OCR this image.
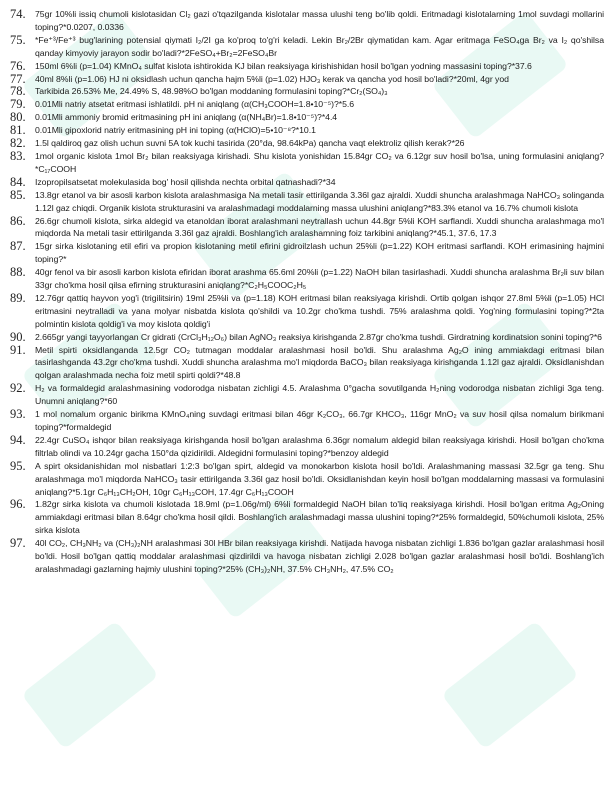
74.	75gr 10%li issiq chumoli kislotasidan Cl₂ gazi o'tqazilganda kislotalar massa ulushi teng bo'lib qoldi. Eritmadagi kislotalarning 1mol suvdagi mollarini toping?*0.0207, 0.0336
75.	*Fe⁺³/Fe⁺³ bug'larining potensial qiymati I₂/2I ga ko'proq to'g'ri keladi. Lekin Br₂/2Br qiymatidan kam. Agar eritmaga FeSO₄ga Br₂ va I₂ qo'shilsa qanday kimyoviy jarayon sodir bo'ladi?*2FeSO₄+Br₂=2FeSO₄Br
76.	150ml 6%li (p=1.04) KMnO₄ sulfat kislota ishtirokida KJ bilan reaksiyaga kirishishidan hosil bo'lgan yodning massasini toping?*37.6
77.	40ml 8%li (p=1.06) HJ ni oksidlash uchun qancha hajm 5%li (p=1.02) HJO₃ kerak va qancha yod hosil bo'ladi?*20ml, 4gr yod
78.	Tarkibida 26.53% Me, 24.49% S, 48.98%O bo'lgan moddaning formulasini toping?*Cr₂(SO₄)₃
79.	0.01Mli natriy atsetat eritmasi ishlatildi. pH ni aniqlang (α(CH₃COOH=1.8•10⁻⁵)?*5.6
80.	0.01Mli ammoniy bromid eritmasining pH ini aniqlang (α(NH₄Br)=1.8•10⁻⁵)?*4.4
81.	0.01Mli gipoxlorid natriy eritmasining pH ini toping (α(HClO)=5•10⁻⁸?*10.1
82.	1.5l qaldiroq gaz olish uchun suvni 5A tok kuchi tasirida (20°da, 98.64kPa) qancha vaqt elektroliz qilish kerak?*26
83.	1mol organic kislota 1mol Br₂ bilan reaksiyaga kirishadi. Shu kislota yonishidan 15.84gr CO₂ va 6.12gr suv hosil bo'lsa, uning formulasini aniqlang?*C₁₇COOH
84.	Izopropilsatsetat molekulasida bog' hosil qilishda nechta orbital qatnashadi?*34
85.	13.8gr etanol va bir asosli karbon kislota aralashmasiga Na metali tasir ettirilganda 3.36l gaz ajraldi. Xuddi shuncha aralashmaga NaHCO₃ solinganda 1.12l gaz chiqdi. Organik kislota strukturasini va aralashmadagi moddalarning massa ulushini aniqlang?*83.3% etanol va 16.7% chumoli kislota
86.	26.6gr chumoli kislota, sirka aldegid va etanoldan iborat aralashmani neytrallash uchun 44.8gr 5%li KOH sarflandi. Xuddi shuncha aralashmaga mo'l miqdorda Na metali tasir ettirilganda 3.36l gaz ajraldi. Boshlang'ich aralashamning foiz tarkibini aniqlang?*45.1, 37.6, 17.3
87.	15gr sirka kislotaning etil efiri va propion kislotaning metil efirini gidroilzlash uchun 25%li (p=1.22) KOH eritmasi sarflandi. KOH erimasining hajmini toping?*
88.	40gr fenol va bir asosli karbon kislota efiridan iborat arashma 65.6ml 20%li (p=1.22) NaOH bilan tasirlashadi. Xuddi shuncha aralashma Br₂li suv bilan 33gr cho'kma hosil qilsa efirning strukturasini aniqlang?*C₂H₅COOC₂H₅
89.	12.76gr qattiq hayvon yog'i (trigilitsirin) 19ml 25%li va (p=1.18) KOH eritmasi bilan reaksiyaga kirishdi. Ortib qolgan ishqor 27.8ml 5%li (p=1.05) HCl eritmasini neytralladi va yana molyar nisbatda kislota qo'shildi va 10.2gr cho'kma tushdi. 75% aralashma qoldi. Yog'ning formulasini toping?*2ta polmintin kislota qoldig'i va moy kislota qoldig'i
90.	2.665gr yangi tayyorlangan Cr gidrati (CrCl₃H₁₂O₆) bilan AgNO₃ reaksiya kirishganda 2.87gr cho'kma tushdi. Girdratning kordinatsion sonini toping?*6
91.	Metil spirti oksidlanganda 12.5gr CO₂ tutmagan moddalar aralashmasi hosil bo'ldi. Shu aralashma Ag₂O ining ammiakdagi eritmasi bilan tasirlashganda 43.2gr cho'kma tushdi. Xuddi shuncha aralashma mo'l miqdorda BaCO₃ bilan reaksiyaga kirishganda 1.12l gaz ajraldi. Oksidlanishdan qolgan aralashmada necha foiz metil spirti qoldi?*48.8
92.	H₂ va formaldegid aralashmasining vodorodga nisbatan zichligi 4.5. Aralashma 0°gacha sovutilganda H₂ning vodorodga nisbatan zichligi 3ga teng. Unumni aniqlang?*60
93.	1 mol nomalum organic birikma KMnO₄ning suvdagi eritmasi bilan 46gr K₂CO₃, 66.7gr KHCO₃, 116gr MnO₂ va suv hosil qilsa nomalum birikmani toping?*formaldegid
94.	22.4gr CuSO₄ ishqor bilan reaksiyaga kirishganda hosil bo'lgan aralashma 6.36gr nomalum aldegid bilan reaksiyaga kirishdi. Hosil bo'lgan cho'kma filtrlab olindi va 10.24gr gacha 150°da qizidirildi. Aldegidni formulasini toping?*benzoy aldegid
95.	A spirt oksidanishidan mol nisbatlari 1:2:3 bo'lgan spirt, aldegid va monokarbon kislota hosil bo'ldi. Aralashmaning massasi 32.5gr ga teng. Shu aralashmaga mo'l miqdorda NaHCO₃ tasir ettirilganda 3.36l gaz hosil bo'ldi. Oksidlanishdan keyin hosil bo'lgan moddalarning massasi va formulasini aniqlang?*5.1gr C₆H₁₃CH₂OH, 10gr C₆H₁₃COH, 17.4gr C₆H₁₃COOH
96.	1.82gr sirka kislota va chumoli kislotada 18.9ml (p=1.06g/ml) 6%li formaldegid NaOH bilan to'liq reaksiyaga kirishdi. Hosil bo'lgan eritma Ag₂Oning ammiakdagi eritmasi bilan 8.64gr cho'kma hosil qildi. Boshlang'ich aralashmadagi massa ulushini toping?*25% formaldegid, 50%chumoli kislota, 25% sirka kislota
97.	40l CO₂, CH₃NH₂ va (CH₃)₂NH aralashmasi 30l HBr bilan reaksiyaga kirishdi. Natijada havoga nisbatan zichligi 1.836 bo'lgan gazlar aralashmasi hosil bo'ldi. Hosil bo'lgan qattiq moddalar aralashmasi qizdirildi va havoga nisbatan zichligi 2.028 bo'lgan gazlar aralashmasi hosil bo'ldi. Boshlang'ich aralashmadagi gazlarning hajmiy ulushini toping?*25% (CH₃)₂NH, 37.5% CH₃NH₂, 47.5% CO₂
